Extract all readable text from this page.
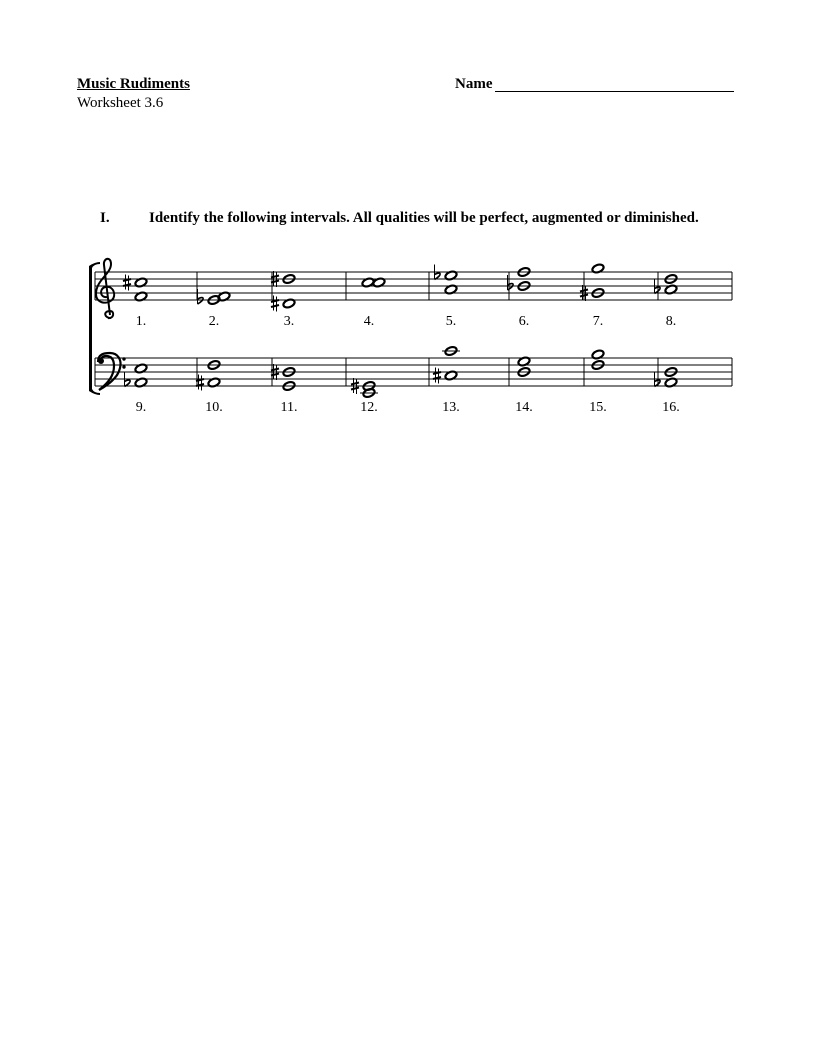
Music Rudiments
Worksheet 3.6
Name
I.	Identify the following intervals. All qualities will be perfect, augmented or diminished.
1.	2.	3.	4.	5.	6.	7.	8.
9.	10.	11.	12.	13.	14.	15.	16.
